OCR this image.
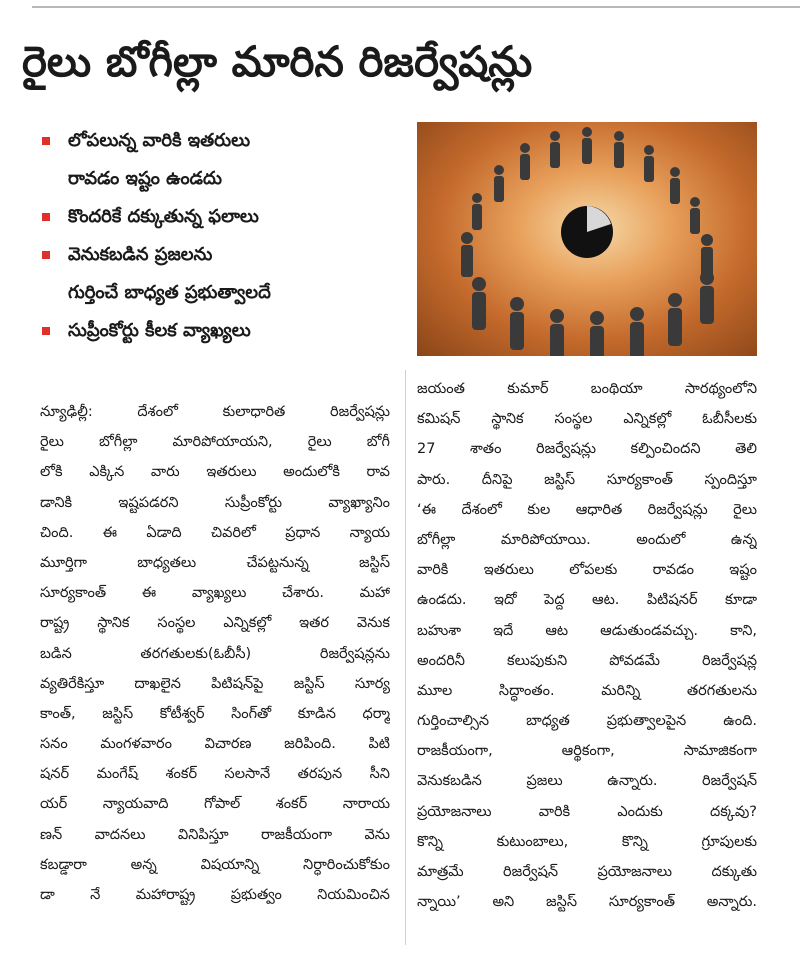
రైలు బోగీల్లా మారిన రిజర్వేషన్లు
లోపలున్న వారికి ఇతరులు
రావడం ఇష్టం ఉండదు
కొందరికే దక్కుతున్న ఫలాలు
వెనుకబడిన ప్రజలను
గుర్తించే బాధ్యత ప్రభుత్వాలదే
సుప్రీంకోర్టు కీలక వ్యాఖ్యలు
న్యూఢిల్లీ: దేశంలో కులాధారిత రిజర్వేషన్లు
రైలు బోగీల్లా మారిపోయాయని, రైలు బోగీ
లోకి ఎక్కిన వారు ఇతరులు అందులోకి రావ
డానికి ఇష్టపడరని సుప్రీంకోర్టు వ్యాఖ్యానిం
చింది. ఈ ఏడాది చివరిలో ప్రధాన న్యాయ
మూర్తిగా బాధ్యతలు చేపట్టనున్న జస్టిస్
సూర్యకాంత్ ఈ వ్యాఖ్యలు చేశారు. మహా
రాష్ట్ర స్థానిక సంస్థల ఎన్నికల్లో ఇతర వెనుక
బడిన తరగతులకు(ఓబీసీ) రిజర్వేషన్లను
వ్యతిరేకిస్తూ దాఖలైన పిటిషన్‌పై జస్టిస్ సూర్య
కాంత్, జస్టిస్ కోటీశ్వర్ సింగ్‌తో కూడిన ధర్మా
సనం మంగళవారం విచారణ జరిపింది. పిటి
షనర్ మంగేష్ శంకర్ సలసానే తరపున సీని
యర్ న్యాయవాది గోపాల్ శంకర్ నారాయ
ణన్ వాదనలు వినిపిస్తూ రాజకీయంగా వెను
కబడ్డారా అన్న విషయాన్ని నిర్ధారించుకోకుం
డా నే మహారాష్ట్ర ప్రభుత్వం నియమించిన
జయంత కుమార్ బంథియా సారథ్యంలోని
కమిషన్ స్థానిక సంస్థల ఎన్నికల్లో ఓబీసీలకు
27 శాతం రిజర్వేషన్లు కల్పించిందని తెలి
పారు. దీనిపై జస్టిస్ సూర్యకాంత్ స్పందిస్తూ
‘ఈ దేశంలో కుల ఆధారిత రిజర్వేషన్లు రైలు
బోగీల్లా మారిపోయాయి. అందులో ఉన్న
వారికి ఇతరులు లోపలకు రావడం ఇష్టం
ఉండదు. ఇదో పెద్ద ఆట. పిటిషనర్ కూడా
బహుశా ఇదే ఆట ఆడుతుండవచ్చు. కాని,
అందరినీ కలుపుకుని పోవడమే రిజర్వేషన్ల
మూల సిద్ధాంతం. మరిన్ని తరగతులను
గుర్తించాల్సిన బాధ్యత ప్రభుత్వాలపైన ఉంది.
రాజకీయంగా, ఆర్థికంగా, సామాజికంగా
వెనుకబడిన ప్రజలు ఉన్నారు. రిజర్వేషన్
ప్రయోజనాలు వారికి ఎందుకు దక్కవు?
కొన్ని కుటుంబాలు, కొన్ని గ్రూపులకు
మాత్రమే రిజర్వేషన్ ప్రయోజనాలు దక్కుతు
న్నాయి’ అని జస్టిస్ సూర్యకాంత్ అన్నారు.
